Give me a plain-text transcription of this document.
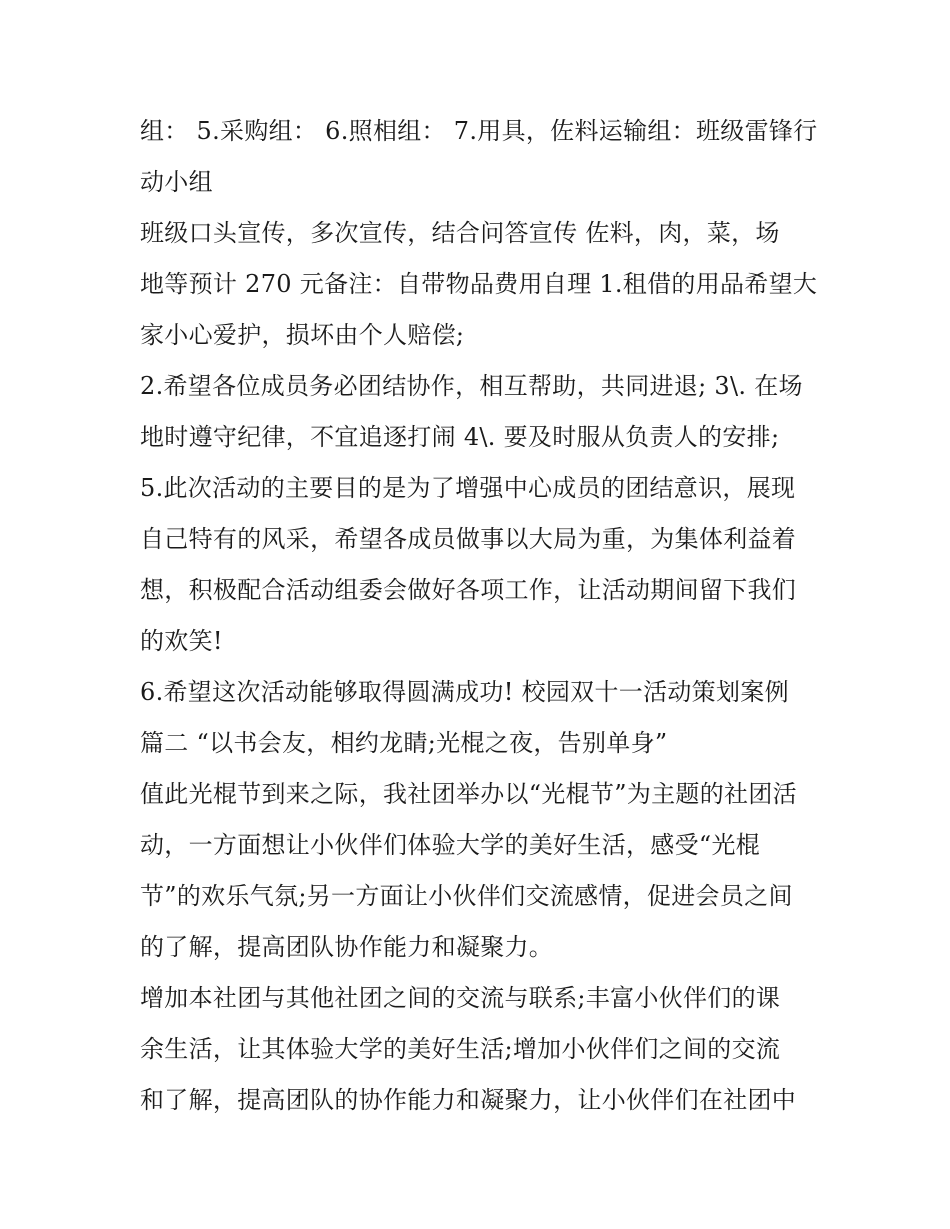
组： 5.采购组： 6.照相组： 7.用具，佐料运输组：班级雷锋行
动小组
班级口头宣传，多次宣传，结合问答宣传 佐料，肉，菜，场
地等预计 270 元备注：自带物品费用自理 1.租借的用品希望大
家小心爱护，损坏由个人赔偿;
2.希望各位成员务必团结协作，相互帮助，共同进退; 3\. 在场
地时遵守纪律，不宜追逐打闹 4\. 要及时服从负责人的安排;
5.此次活动的主要目的是为了增强中心成员的团结意识，展现
自己特有的风采，希望各成员做事以大局为重，为集体利益着
想，积极配合活动组委会做好各项工作，让活动期间留下我们
的欢笑!
6.希望这次活动能够取得圆满成功! 校园双十一活动策划案例
篇二 “以书会友，相约龙睛;光棍之夜，告别单身”
值此光棍节到来之际，我社团举办以“光棍节”为主题的社团活
动，一方面想让小伙伴们体验大学的美好生活，感受“光棍
节”的欢乐气氛;另一方面让小伙伴们交流感情，促进会员之间
的了解，提高团队协作能力和凝聚力。
增加本社团与其他社团之间的交流与联系;丰富小伙伴们的课
余生活，让其体验大学的美好生活;增加小伙伴们之间的交流
和了解，提高团队的协作能力和凝聚力，让小伙伴们在社团中
